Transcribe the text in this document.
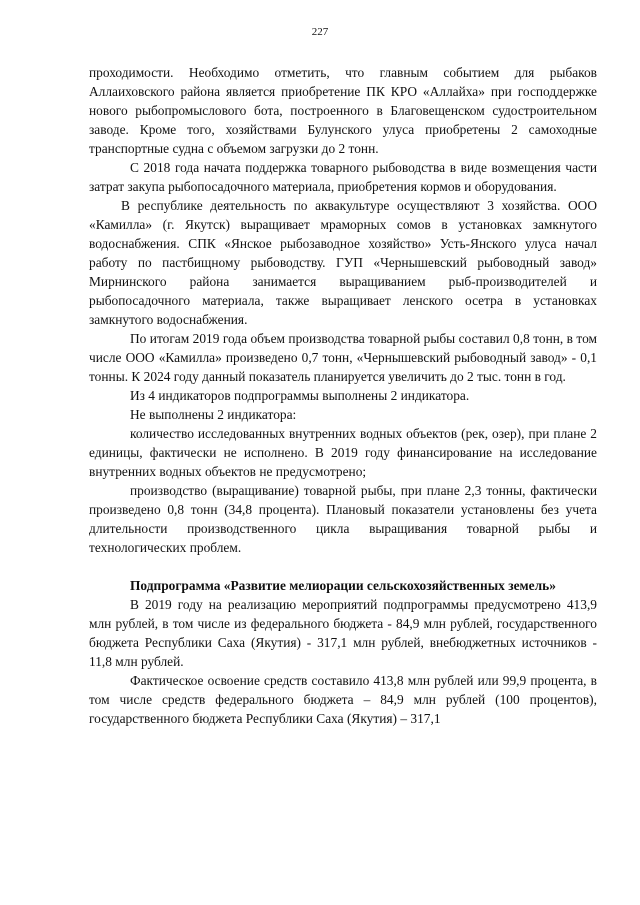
227

проходимости. Необходимо отметить, что главным событием для рыбаков Аллаиховского района является приобретение ПК КРО «Аллайха» при господдержке нового рыбопромыслового бота, построенного в Благовещенском судостроительном заводе. Кроме того, хозяйствами Булунского улуса приобретены 2 самоходные транспортные судна с объемом загрузки до 2 тонн.

С 2018 года начата поддержка товарного рыбоводства в виде возмещения части затрат закупа рыбопосадочного материала, приобретения кормов и оборудования.

В республике деятельность по аквакультуре осуществляют 3 хозяйства. ООО «Камилла» (г. Якутск) выращивает мраморных сомов в установках замкнутого водоснабжения. СПК «Янское рыбозаводное хозяйство» Усть-Янского улуса начал работу по пастбищному рыбоводству. ГУП «Чернышевский рыбоводный завод» Мирнинского района занимается выращиванием рыб-производителей и рыбопосадочного материала, также выращивает ленского осетра в установках замкнутого водоснабжения.

По итогам 2019 года объем производства товарной рыбы составил 0,8 тонн, в том числе ООО «Камилла» произведено 0,7 тонн, «Чернышевский рыбоводный завод» - 0,1 тонны. К 2024 году данный показатель планируется увеличить до 2 тыс. тонн в год.

Из 4 индикаторов подпрограммы выполнены 2 индикатора.

Не выполнены 2 индикатора:

количество исследованных внутренних водных объектов (рек, озер), при плане 2 единицы, фактически не исполнено. В 2019 году финансирование на исследование внутренних водных объектов не предусмотрено;

производство (выращивание) товарной рыбы, при плане 2,3 тонны, фактически произведено 0,8 тонн (34,8 процента). Плановый показатели установлены без учета длительности производственного цикла выращивания товарной рыбы и технологических проблем.

Подпрограмма «Развитие мелиорации сельскохозяйственных земель»

В 2019 году на реализацию мероприятий подпрограммы предусмотрено 413,9 млн рублей, в том числе из федерального бюджета - 84,9 млн рублей, государственного бюджета Республики Саха (Якутия) - 317,1 млн рублей, внебюджетных источников - 11,8 млн рублей.

Фактическое освоение средств составило 413,8 млн рублей или 99,9 процента, в том числе средств федерального бюджета – 84,9 млн рублей (100 процентов), государственного бюджета Республики Саха (Якутия) – 317,1
